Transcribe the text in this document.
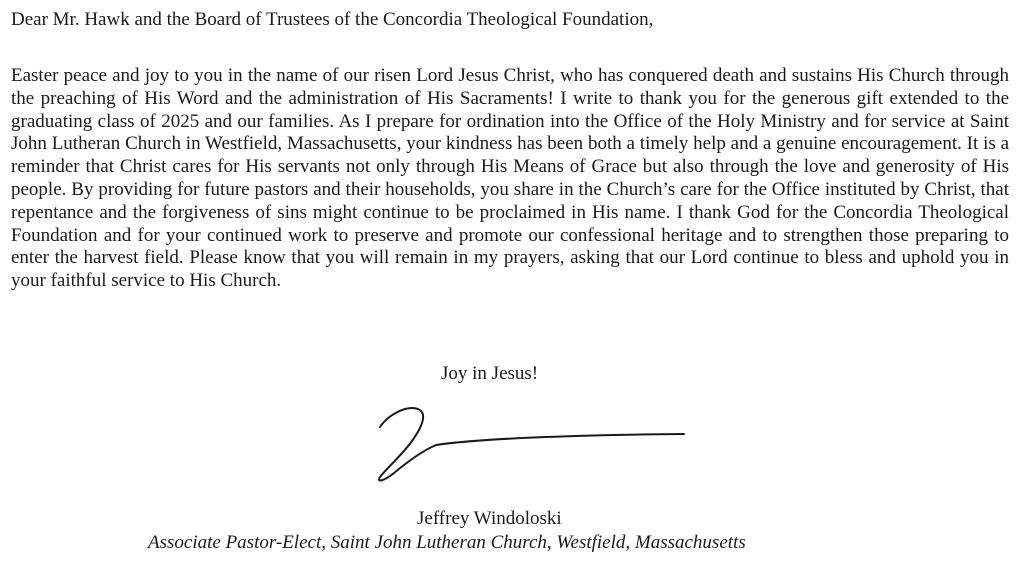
Dear Mr. Hawk and the Board of Trustees of the Concordia Theological Foundation,

Easter peace and joy to you in the name of our risen Lord Jesus Christ, who has conquered death and sustains His Church through the preaching of His Word and the administration of His Sacraments! I write to thank you for the generous gift extended to the graduating class of 2025 and our families. As I prepare for ordination into the Office of the Holy Ministry and for service at Saint John Lutheran Church in Westfield, Massachusetts, your kindness has been both a timely help and a genuine encouragement. It is a reminder that Christ cares for His servants not only through His Means of Grace but also through the love and generosity of His people. By providing for future pastors and their households, you share in the Church’s care for the Office instituted by Christ, that repentance and the forgiveness of sins might continue to be proclaimed in His name. I thank God for the Concordia Theological Foundation and for your continued work to preserve and promote our confessional heritage and to strengthen those preparing to enter the harvest field. Please know that you will remain in my prayers, asking that our Lord continue to bless and uphold you in your faithful service to His Church.

Joy in Jesus!

Jeffrey Windoloski

Associate Pastor-Elect, Saint John Lutheran Church, Westfield, Massachusetts
